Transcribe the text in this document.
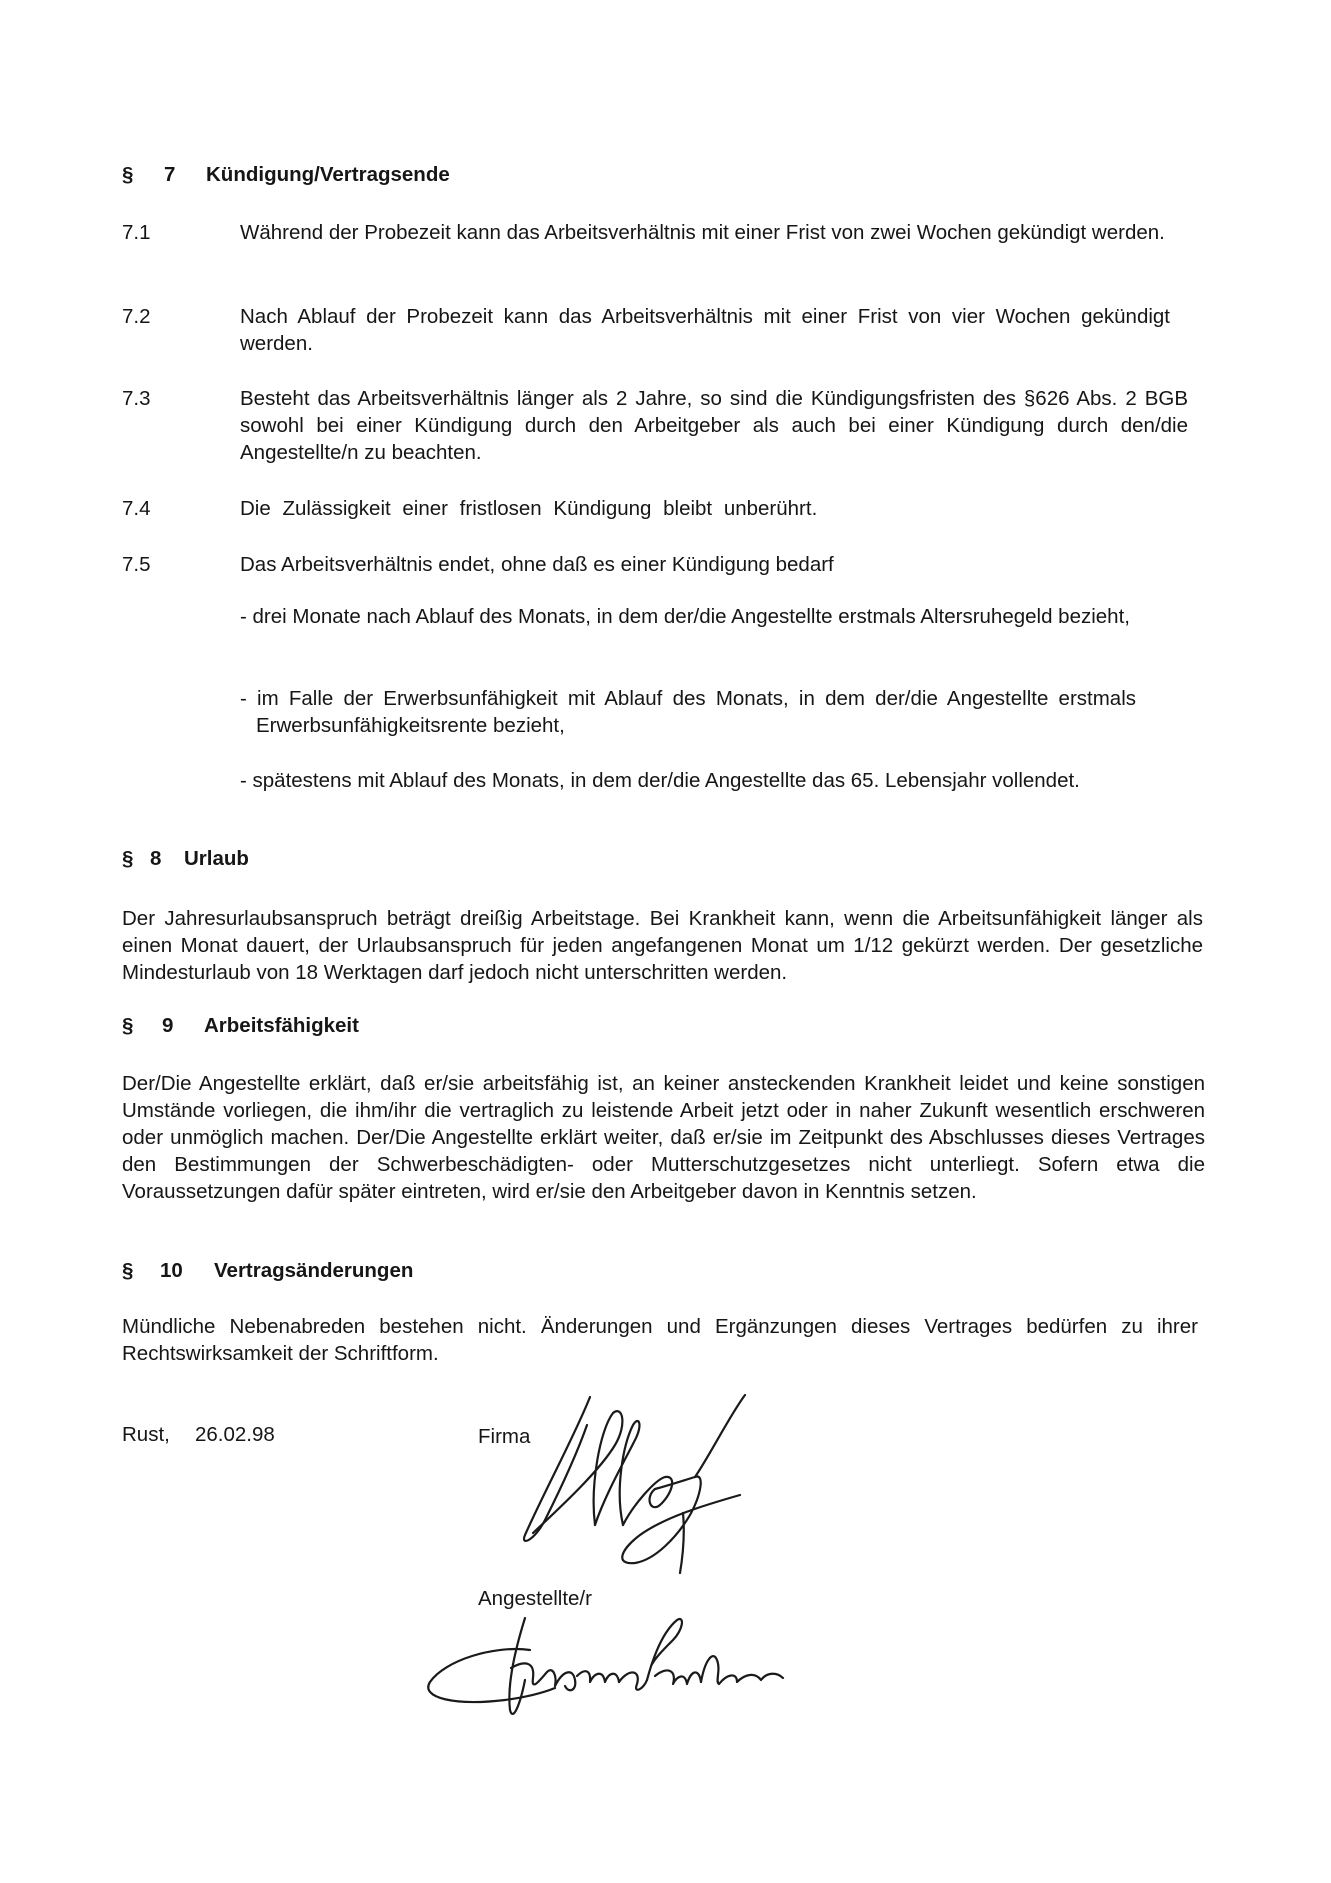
§ 7 Kündigung/Vertragsende
7.1	Während der Probezeit kann das Arbeitsverhältnis mit einer Frist von zwei Wochen gekündigt werden.
7.2	Nach Ablauf der Probezeit kann das Arbeitsverhältnis mit einer Frist von vier Wochen gekündigt werden.
7.3	Besteht das Arbeitsverhältnis länger als 2 Jahre, so sind die Kündigungsfristen des §626 Abs. 2 BGB sowohl bei einer Kündigung durch den Arbeitgeber als auch bei einer Kündigung durch den/die Angestellte/n zu beachten.
7.4	Die Zulässigkeit einer fristlosen Kündigung bleibt unberührt.
7.5	Das Arbeitsverhältnis endet, ohne daß es einer Kündigung bedarf
- drei Monate nach Ablauf des Monats, in dem der/die Angestellte erstmals Altersruhegeld bezieht,
- im Falle der Erwerbsunfähigkeit mit Ablauf des Monats, in dem der/die Angestellte erstmals Erwerbsunfähigkeitsrente bezieht,
- spätestens mit Ablauf des Monats, in dem der/die Angestellte das 65. Lebensjahr vollendet.
§ 8 Urlaub
Der Jahresurlaubsanspruch beträgt dreißig Arbeitstage. Bei Krankheit kann, wenn die Arbeitsunfähigkeit länger als einen Monat dauert, der Urlaubsanspruch für jeden angefangenen Monat um 1/12 gekürzt werden. Der gesetzliche Mindesturlaub von 18 Werktagen darf jedoch nicht unterschritten werden.
§ 9 Arbeitsfähigkeit
Der/Die Angestellte erklärt, daß er/sie arbeitsfähig ist, an keiner ansteckenden Krankheit leidet und keine sonstigen Umstände vorliegen, die ihm/ihr die vertraglich zu leistende Arbeit jetzt oder in naher Zukunft wesentlich erschweren oder unmöglich machen. Der/Die Angestellte erklärt weiter, daß er/sie im Zeitpunkt des Abschlusses dieses Vertrages den Bestimmungen der Schwerbeschädigten- oder Mutterschutzgesetzes nicht unterliegt. Sofern etwa die Voraussetzungen dafür später eintreten, wird er/sie den Arbeitgeber davon in Kenntnis setzen.
§ 10 Vertragsänderungen
Mündliche Nebenabreden bestehen nicht. Änderungen und Ergänzungen dieses Vertrages bedürfen zu ihrer Rechtswirksamkeit der Schriftform.
Rust, 26.02.98	Firma
Angestellte/r
